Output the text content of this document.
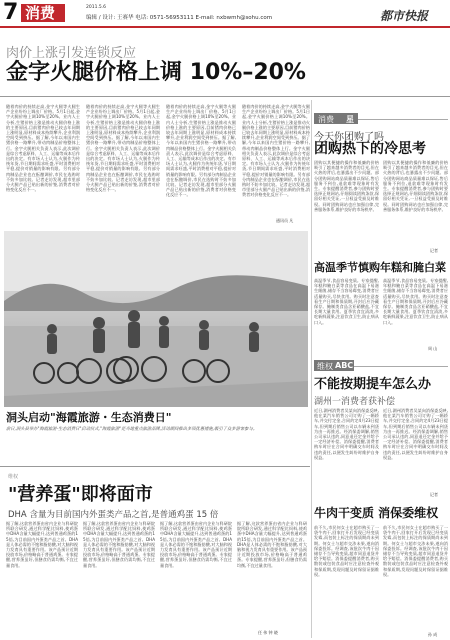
7 消费	2011.5.6
编辑 / 设计: 王赛华 电话: 0571-56953111 E-mail: nxbwmh@sohu.com	都市快报
肉价上涨引发连锁反应
金字火腿价格上调 10%–20%
随着肉价的持续走高,金字火腿等火腿生产企业纷纷上调出厂价格。5月1日起,金字火腿价格上调10%至20%。业内人士分析,生猪价格上涨是推动火腿价格上涨的主要原因,目前猪肉价格已较去年同期上涨明显,原材料成本持续攀升,企业利润空间受到挤压。据了解,今年以来国内生猪价格一路攀升,带动肉制品价格整体上行。金字火腿相关负责人表示,此次调价是综合考虑原料、人工、运输等成本后作出的决定。有市场人士认为,火腿作为传统年货,节日期间需求旺盛,平时消费相对平稳,提价对销量的影响有限。另有部分肉制品企业也在酝酿调价,市民在选购时不妨多加比较。记者走访发现,超市里部分火腿产品已贴出新的价签,消费者对价格变化反应不一。
随着肉价的持续走高,金字火腿等火腿生产企业纷纷上调出厂价格。5月1日起,金字火腿价格上调10%至20%。业内人士分析,生猪价格上涨是推动火腿价格上涨的主要原因,目前猪肉价格已较去年同期上涨明显,原材料成本持续攀升,企业利润空间受到挤压。据了解,今年以来国内生猪价格一路攀升,带动肉制品价格整体上行。金字火腿相关负责人表示,此次调价是综合考虑原料、人工、运输等成本后作出的决定。有市场人士认为,火腿作为传统年货,节日期间需求旺盛,平时消费相对平稳,提价对销量的影响有限。另有部分肉制品企业也在酝酿调价,市民在选购时不妨多加比较。记者走访发现,超市里部分火腿产品已贴出新的价签,消费者对价格变化反应不一。
随着肉价的持续走高,金字火腿等火腿生产企业纷纷上调出厂价格。5月1日起,金字火腿价格上调10%至20%。业内人士分析,生猪价格上涨是推动火腿价格上涨的主要原因,目前猪肉价格已较去年同期上涨明显,原材料成本持续攀升,企业利润空间受到挤压。据了解,今年以来国内生猪价格一路攀升,带动肉制品价格整体上行。金字火腿相关负责人表示,此次调价是综合考虑原料、人工、运输等成本后作出的决定。有市场人士认为,火腿作为传统年货,节日期间需求旺盛,平时消费相对平稳,提价对销量的影响有限。另有部分肉制品企业也在酝酿调价,市民在选购时不妨多加比较。记者走访发现,超市里部分火腿产品已贴出新的价签,消费者对价格变化反应不一。
随着肉价的持续走高,金字火腿等火腿生产企业纷纷上调出厂价格。5月1日起,金字火腿价格上调10%至20%。业内人士分析,生猪价格上涨是推动火腿价格上涨的主要原因,目前猪肉价格已较去年同期上涨明显,原材料成本持续攀升,企业利润空间受到挤压。据了解,今年以来国内生猪价格一路攀升,带动肉制品价格整体上行。金字火腿相关负责人表示,此次调价是综合考虑原料、人工、运输等成本后作出的决定。有市场人士认为,火腿作为传统年货,节日期间需求旺盛,平时消费相对平稳,提价对销量的影响有限。另有部分肉制品企业也在酝酿调价,市民在选购时不妨多加比较。记者走访发现,超市里部分火腿产品已贴出新的价签,消费者对价格变化反应不一。
通讯员 凡
消费 星
今天你团购了吗
团购热下的冷思考
团购以其便捷的操作和低廉的价格吸引了越来越多消费者的目光,但在火热的背后,也暴露出不少问题。部分团购网站商品质量难以保证,售后服务不到位,退款难等现象时有发生。专家提醒消费者,参与团购时要选择正规网站,仔细阅读团购条款,保留好相关凭证,一旦权益受损及时维权。同时团购网站也应加强自律,完善服务体系,维护良好的市场秩序。
团购以其便捷的操作和低廉的价格吸引了越来越多消费者的目光,但在火热的背后,也暴露出不少问题。部分团购网站商品质量难以保证,售后服务不到位,退款难等现象时有发生。专家提醒消费者,参与团购时要选择正规网站,仔细阅读团购条款,保留好相关凭证,一旦权益受损及时维权。同时团购网站也应加强自律,完善服务体系,维护良好的市场秩序。
记者
洞头启动"海霞旅游・生态消费日"
前日,洞头县举办"海霞旅游·生态消费日"启动仪式,"海霞旅游"是当地重点旅游品牌,活动期间推出多项优惠措施,吸引了众多游客参与。
高温季节慎购年糕和腌白菜
高温季节,食品容易变质。专家提醒,年糕和腌白菜等食品在高温下易滋生细菌,储存不当容易霉变,消费者应适量购买,尽快食用。购买时注意查看生产日期和保质期,开封后应冷藏保存。腌制类食品含亚硝酸盐,不宜长期大量食用。夏季饮食宜清淡,多吃新鲜蔬果,注意饮食卫生,防止病从口入。
高温季节,食品容易变质。专家提醒,年糕和腌白菜等食品在高温下易滋生细菌,储存不当容易霉变,消费者应适量购买,尽快食用。购买时注意查看生产日期和保质期,开封后应冷藏保存。腌制类食品含亚硝酸盐,不宜长期大量食用。夏季饮食宜清淡,多吃新鲜蔬果,注意饮食卫生,防止病从口入。
周 山
维权 ABC
不能按期提车怎么办
湖州一消费者获补偿
近日,湖州消费者吴某向消保委反映,他在某汽车销售公司订购了一辆轿车,并交付定金,合同约定4月23日提车,但到期后销售公司以车辆未到货为由一再推迟。经消保委调解,销售公司承认违约,同意退还定金并给予一定经济补偿。消保委提醒,消费者购车时应在合同中明确交车时间及违约责任,以便发生纠纷时维护自身权益。
近日,湖州消费者吴某向消保委反映,他在某汽车销售公司订购了一辆轿车,并交付定金,合同约定4月23日提车,但到期后销售公司以车辆未到货为由一再推迟。经消保委调解,销售公司承认违约,同意退还定金并给予一定经济补偿。消保委提醒,消费者购车时应在合同中明确交车时间及违约责任,以便发生纠纷时维护自身权益。
记者
维权
"营养蛋"即将面市
DHA 含量为目前国内外蛋类产品之首,是普通鸡蛋 15 倍
据了解,这款营养蛋由省内企业与科研院所联合研发,通过科学配比饲料,使鸡蛋中DHA含量大幅提升,达到普通鸡蛋的15倍,为目前国内外蛋类产品之首。DHA是人体必需的不饱和脂肪酸,对大脑和视力发育具有重要作用。该产品预计近期投放市场,价格略高于普通鸡蛋。专家提醒,营养蛋虽好,但膳食仍需均衡,不宜过量食用。
据了解,这款营养蛋由省内企业与科研院所联合研发,通过科学配比饲料,使鸡蛋中DHA含量大幅提升,达到普通鸡蛋的15倍,为目前国内外蛋类产品之首。DHA是人体必需的不饱和脂肪酸,对大脑和视力发育具有重要作用。该产品预计近期投放市场,价格略高于普通鸡蛋。专家提醒,营养蛋虽好,但膳食仍需均衡,不宜过量食用。
据了解,这款营养蛋由省内企业与科研院所联合研发,通过科学配比饲料,使鸡蛋中DHA含量大幅提升,达到普通鸡蛋的15倍,为目前国内外蛋类产品之首。DHA是人体必需的不饱和脂肪酸,对大脑和视力发育具有重要作用。该产品预计近期投放市场,价格略高于普通鸡蛋。专家提醒,营养蛋虽好,但膳食仍需均衡,不宜过量食用。
据了解,这款营养蛋由省内企业与科研院所联合研发,通过科学配比饲料,使鸡蛋中DHA含量大幅提升,达到普通鸡蛋的15倍,为目前国内外蛋类产品之首。DHA是人体必需的不饱和脂肪酸,对大脑和视力发育具有重要作用。该产品预计近期投放市场,价格略高于普通鸡蛋。专家提醒,营养蛋虽好,但膳食仍需均衡,不宜过量食用。
任 伟 钟 晓
牛肉干变质 消保委维权
前不久,市民何女士在超市购买了一袋牛肉干,回家打开后发现已经变质发霉,而包装上标注的保质期尚未到期。何女士与超市交涉未果,遂向消保委投诉。经调查,该批次牛肉干因储存不当导致变质,超市同意退货并给予赔偿。消保委提醒消费者,购买散装或包装食品时应注意检查外观和保质期,发现问题及时保留证据维权。
前不久,市民何女士在超市购买了一袋牛肉干,回家打开后发现已经变质发霉,而包装上标注的保质期尚未到期。何女士与超市交涉未果,遂向消保委投诉。经调查,该批次牛肉干因储存不当导致变质,超市同意退货并给予赔偿。消保委提醒消费者,购买散装或包装食品时应注意检查外观和保质期,发现问题及时保留证据维权。
孙 成
